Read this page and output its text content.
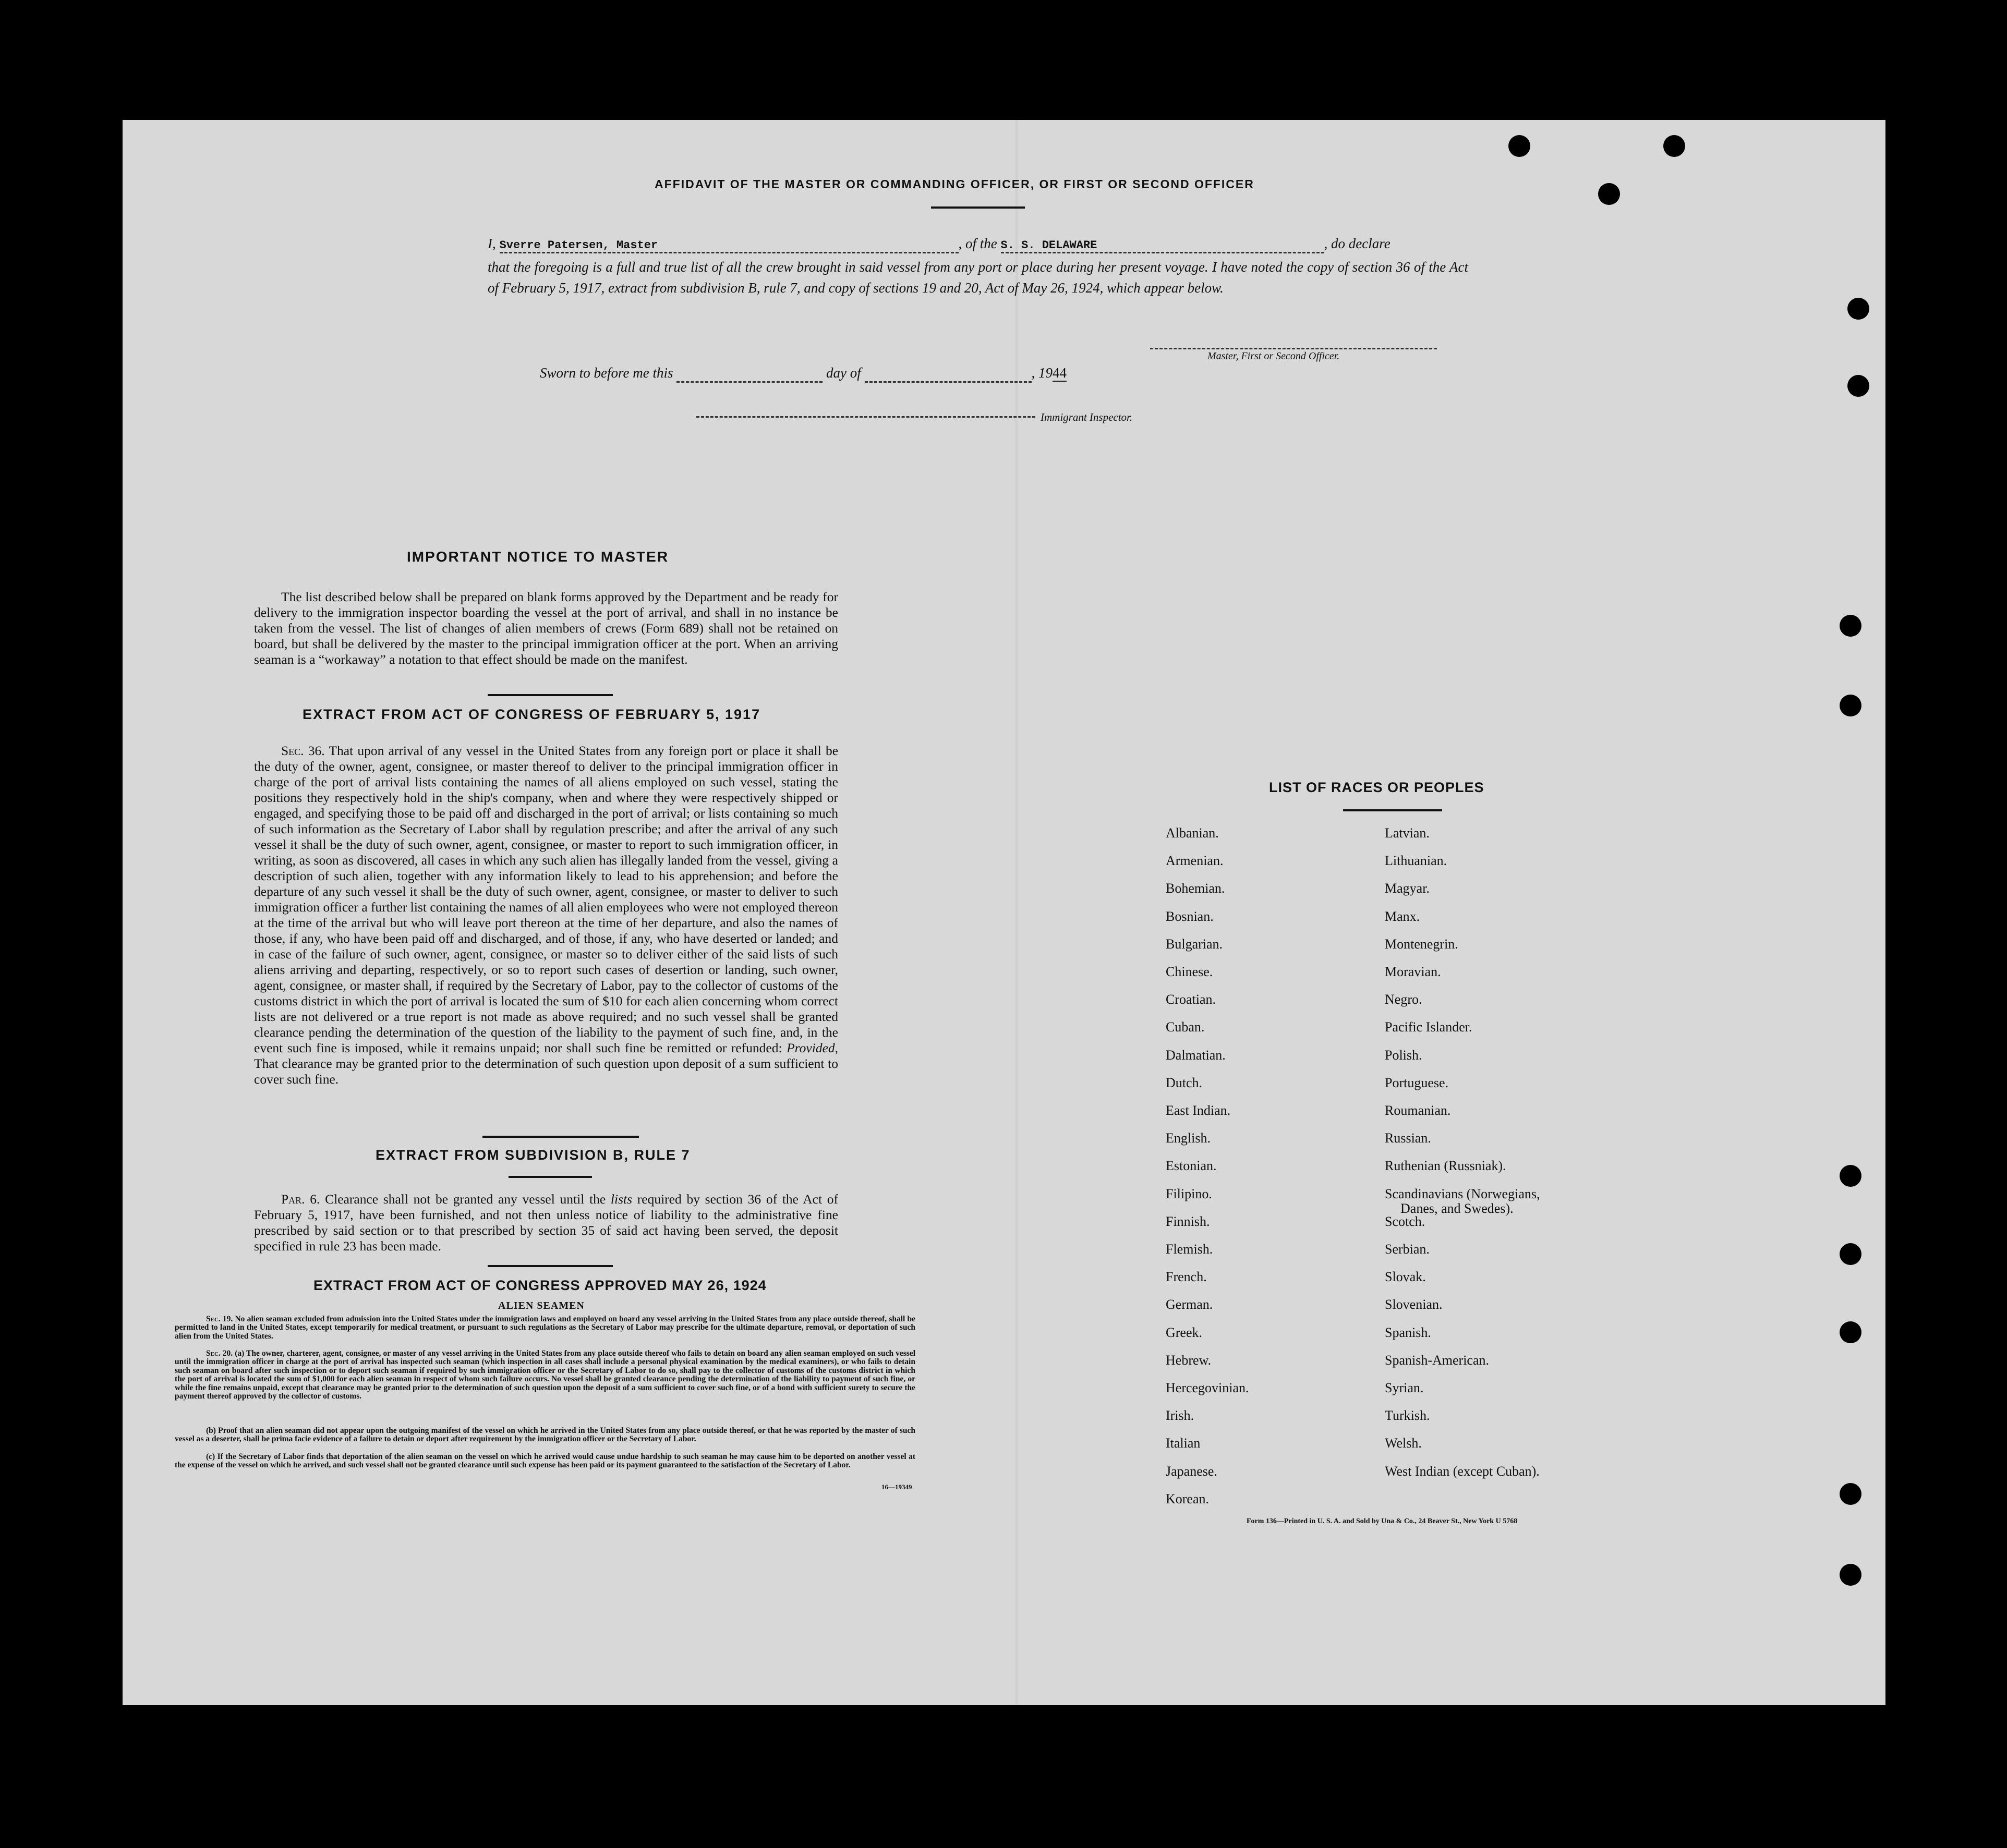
AFFIDAVIT OF THE MASTER OR COMMANDING OFFICER, OR FIRST OR SECOND OFFICER
I, Sverre Patersen, Master	, of the S. S. DELAWARE	, do declare
that the foregoing is a full and true list of all the crew brought in said vessel from any port or place during her present voyage. I have noted the copy of section 36 of the Act of February 5, 1917, extract from subdivision B, rule 7, and copy of sections 19 and 20, Act of May 26, 1924, which appear below.
Master, First or Second Officer.
Sworn to before me this	day of	, 1944
Immigrant Inspector.
IMPORTANT NOTICE TO MASTER
The list described below shall be prepared on blank forms approved by the Department and be ready for delivery to the immigration inspector boarding the vessel at the port of arrival, and shall in no instance be taken from the vessel. The list of changes of alien members of crews (Form 689) shall not be retained on board, but shall be delivered by the master to the principal immigration officer at the port. When an arriving seaman is a “workaway” a notation to that effect should be made on the manifest.
EXTRACT FROM ACT OF CONGRESS OF FEBRUARY 5, 1917
Sec. 36. That upon arrival of any vessel in the United States from any foreign port or place it shall be the duty of the owner, agent, consignee, or master thereof to deliver to the principal immigration officer in charge of the port of arrival lists containing the names of all aliens employed on such vessel, stating the positions they respectively hold in the ship's company, when and where they were respectively shipped or engaged, and specifying those to be paid off and discharged in the port of arrival; or lists containing so much of such information as the Secretary of Labor shall by regulation prescribe; and after the arrival of any such vessel it shall be the duty of such owner, agent, consignee, or master to report to such immigration officer, in writing, as soon as discovered, all cases in which any such alien has illegally landed from the vessel, giving a description of such alien, together with any information likely to lead to his apprehension; and before the departure of any such vessel it shall be the duty of such owner, agent, consignee, or master to deliver to such immigration officer a further list containing the names of all alien employees who were not employed thereon at the time of the arrival but who will leave port thereon at the time of her departure, and also the names of those, if any, who have been paid off and discharged, and of those, if any, who have deserted or landed; and in case of the failure of such owner, agent, consignee, or master so to deliver either of the said lists of such aliens arriving and departing, respectively, or so to report such cases of desertion or landing, such owner, agent, consignee, or master shall, if required by the Secretary of Labor, pay to the collector of customs of the customs district in which the port of arrival is located the sum of $10 for each alien concerning whom correct lists are not delivered or a true report is not made as above required; and no such vessel shall be granted clearance pending the determination of the question of the liability to the payment of such fine, and, in the event such fine is imposed, while it remains unpaid; nor shall such fine be remitted or refunded: Provided, That clearance may be granted prior to the determination of such question upon deposit of a sum sufficient to cover such fine.
EXTRACT FROM SUBDIVISION B, RULE 7
Par. 6. Clearance shall not be granted any vessel until the lists required by section 36 of the Act of February 5, 1917, have been furnished, and not then unless notice of liability to the administrative fine prescribed by said section or to that prescribed by section 35 of said act having been served, the deposit specified in rule 23 has been made.
EXTRACT FROM ACT OF CONGRESS APPROVED MAY 26, 1924
ALIEN SEAMEN
Sec. 19. No alien seaman excluded from admission into the United States under the immigration laws and employed on board any vessel arriving in the United States from any place outside thereof, shall be permitted to land in the United States, except temporarily for medical treatment, or pursuant to such regulations as the Secretary of Labor may prescribe for the ultimate departure, removal, or deportation of such alien from the United States.
Sec. 20. (a) The owner, charterer, agent, consignee, or master of any vessel arriving in the United States from any place outside thereof who fails to detain on board any alien seaman employed on such vessel until the immigration officer in charge at the port of arrival has inspected such seaman (which inspection in all cases shall include a personal physical examination by the medical examiners), or who fails to detain such seaman on board after such inspection or to deport such seaman if required by such immigration officer or the Secretary of Labor to do so, shall pay to the collector of customs of the customs district in which the port of arrival is located the sum of $1,000 for each alien seaman in respect of whom such failure occurs. No vessel shall be granted clearance pending the determination of the liability to payment of such fine, or while the fine remains unpaid, except that clearance may be granted prior to the determination of such question upon the deposit of a sum sufficient to cover such fine, or of a bond with sufficient surety to secure the payment thereof approved by the collector of customs.
(b) Proof that an alien seaman did not appear upon the outgoing manifest of the vessel on which he arrived in the United States from any place outside thereof, or that he was reported by the master of such vessel as a deserter, shall be prima facie evidence of a failure to detain or deport after requirement by the immigration officer or the Secretary of Labor.
(c) If the Secretary of Labor finds that deportation of the alien seaman on the vessel on which he arrived would cause undue hardship to such seaman he may cause him to be deported on another vessel at the expense of the vessel on which he arrived, and such vessel shall not be granted clearance until such expense has been paid or its payment guaranteed to the satisfaction of the Secretary of Labor.
16—19349
LIST OF RACES OR PEOPLES
Albanian.
Armenian.
Bohemian.
Bosnian.
Bulgarian.
Chinese.
Croatian.
Cuban.
Dalmatian.
Dutch.
East Indian.
English.
Estonian.
Filipino.
Finnish.
Flemish.
French.
German.
Greek.
Hebrew.
Hercegovinian.
Irish.
Italian
Japanese.
Korean.
Latvian.
Lithuanian.
Magyar.
Manx.
Montenegrin.
Moravian.
Negro.
Pacific Islander.
Polish.
Portuguese.
Roumanian.
Russian.
Ruthenian (Russniak).
Scandinavians (Norwegians,
Danes, and Swedes).
Scotch.
Serbian.
Slovak.
Slovenian.
Spanish.
Spanish-American.
Syrian.
Turkish.
Welsh.
West Indian (except Cuban).
Form 136—Printed in U. S. A. and Sold by Una & Co., 24 Beaver St., New York U 5768
